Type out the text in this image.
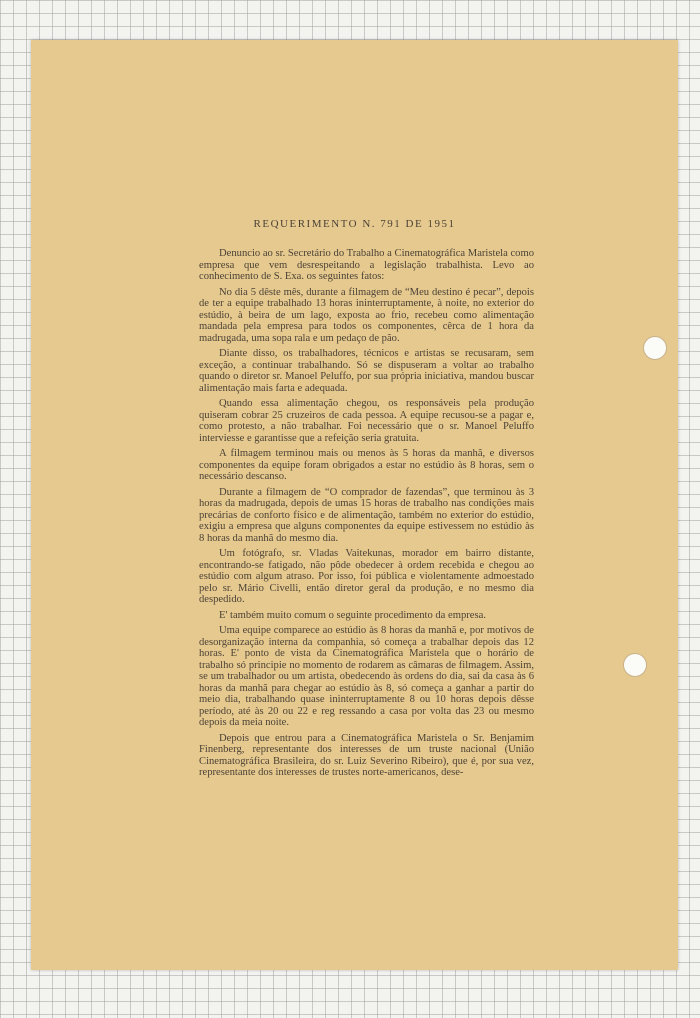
REQUERIMENTO N. 791 DE 1951

Denuncio ao sr. Secretário do Trabalho a Cinematográfica Maristela como empresa que vem desrespeitando a legislação trabalhista. Levo ao conhecimento de S. Exa. os seguintes fatos:

No dia 5 dêste mês, durante a filmagem de “Meu destino é pecar”, depois de ter a equipe trabalhado 13 horas ininterruptamente, à noite, no exterior do estúdio, à beira de um lago, exposta ao frio, recebeu como alimentação mandada pela empresa para todos os componentes, cêrca de 1 hora da madrugada, uma sopa rala e um pedaço de pão.

Diante disso, os trabalhadores, técnicos e artistas se recusaram, sem exceção, a continuar trabalhando. Só se dispuseram a voltar ao trabalho quando o diretor sr. Manoel Peluffo, por sua própria iniciativa, mandou buscar alimentação mais farta e adequada.

Quando essa alimentação chegou, os responsáveis pela produção quiseram cobrar 25 cruzeiros de cada pessoa. A equipe recusou-se a pagar e, como protesto, a não trabalhar. Foi necessário que o sr. Manoel Peluffo interviesse e garantisse que a refeição seria gratuita.

A filmagem terminou mais ou menos às 5 horas da manhã, e diversos componentes da equipe foram obrigados a estar no estúdio às 8 horas, sem o necessário descanso.

Durante a filmagem de “O comprador de fazendas”, que terminou às 3 horas da madrugada, depois de umas 15 horas de trabalho nas condições mais precárias de conforto físico e de alimentação, também no exterior do estúdio, exigiu a empresa que alguns componentes da equipe estivessem no estúdio às 8 horas da manhã do mesmo dia.

Um fotógrafo, sr. Vladas Vaitekunas, morador em bairro distante, encontrando-se fatigado, não pôde obedecer à ordem recebida e chegou ao estúdio com algum atraso. Por isso, foi pública e violentamente admoestado pelo sr. Mário Civelli, então diretor geral da produção, e no mesmo dia despedido.

E' também muito comum o seguinte procedimento da empresa.

Uma equipe comparece ao estúdio às 8 horas da manhã e, por motivos de desorganização interna da companhia, só começa a trabalhar depois das 12 horas. E' ponto de vista da Cinematográfica Maristela que o horário de trabalho só principie no momento de rodarem as câmaras de filmagem. Assim, se um trabalhador ou um artista, obedecendo às ordens do dia, sai da casa às 6 horas da manhã para chegar ao estúdio às 8, só começa a ganhar a partir do meio dia, trabalhando quase ininterruptamente 8 ou 10 horas depois dêsse período, até às 20 ou 22 e reg ressando a casa por volta das 23 ou mesmo depois da meia noite.

Depois que entrou para a Cinematográfica Maristela o Sr. Benjamim Finenberg, representante dos interesses de um truste nacional (União Cinematográfica Brasileira, do sr. Luiz Severino Ribeiro), que é, por sua vez, representante dos interesses de trustes norte-americanos, dese-
